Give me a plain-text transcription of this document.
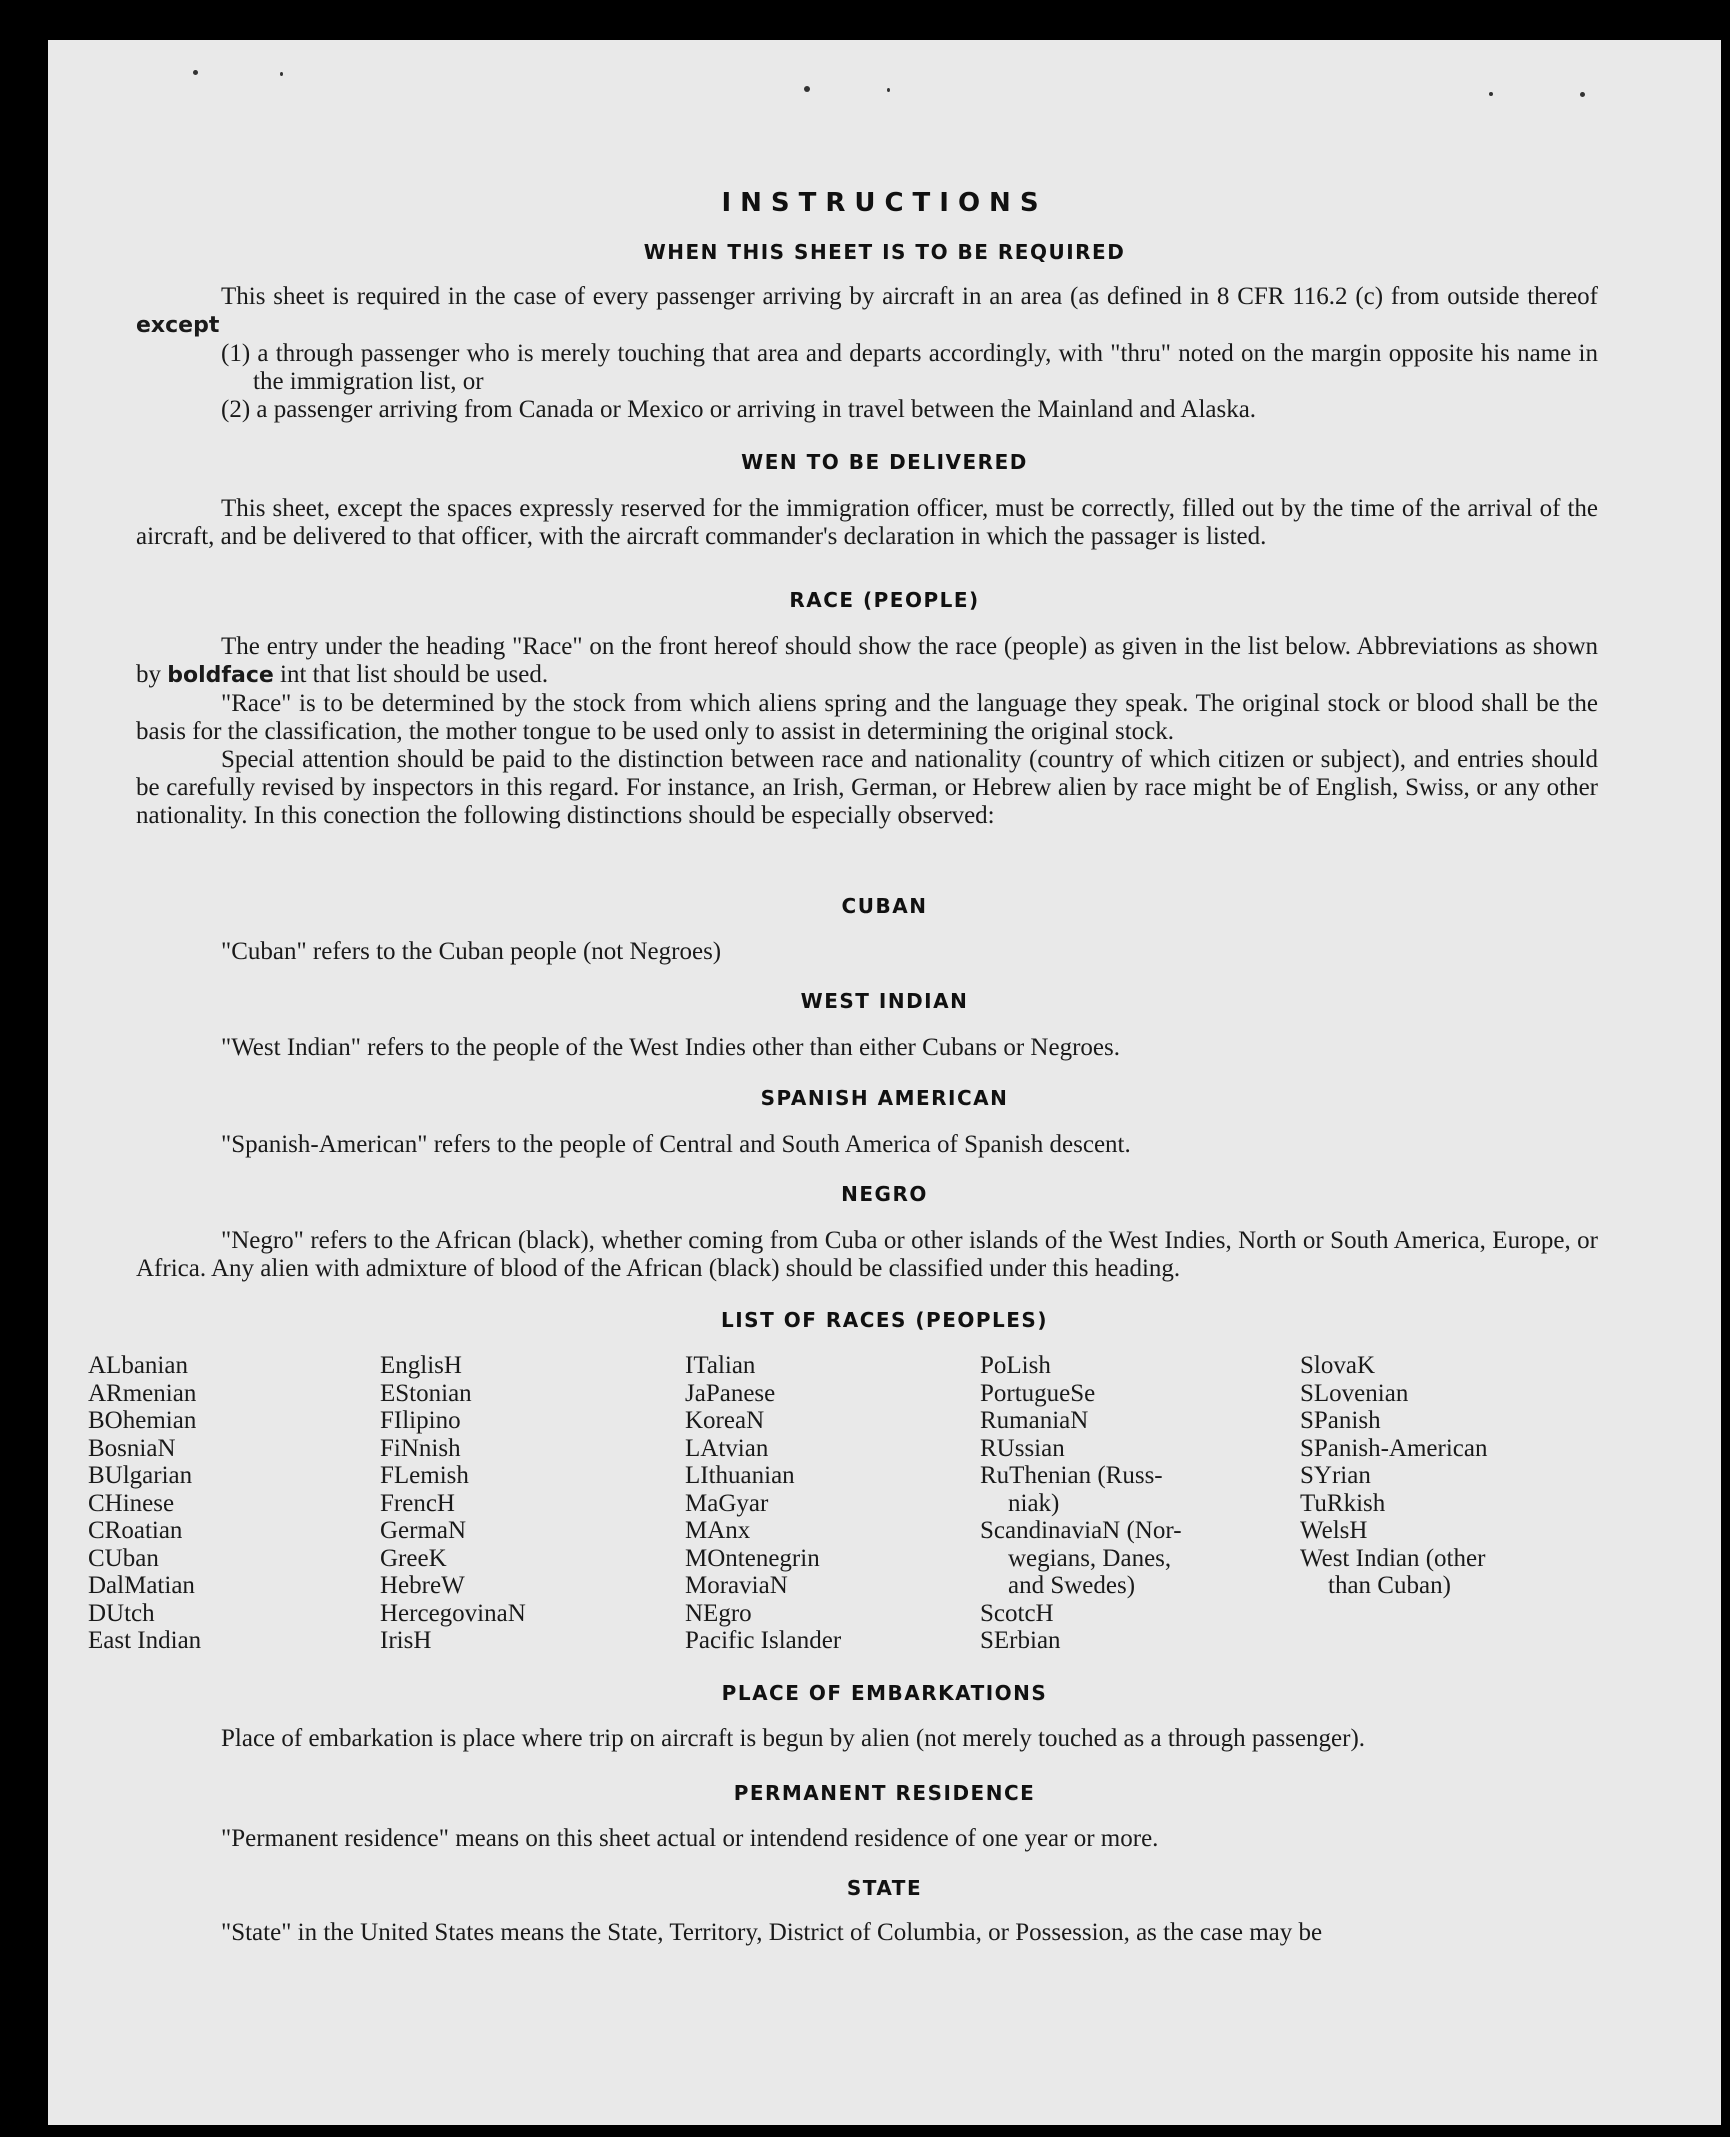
INSTRUCTIONS
WHEN THIS SHEET IS TO BE REQUIRED

This sheet is required in the case of every passenger arriving by aircraft in an area (as defined in 8 CFR 116.2 (c) from outside thereof except

(1) a through passenger who is merely touching that area and departs accordingly, with "thru" noted on the margin opposite his name in the immigration list, or

(2) a passenger arriving from Canada or Mexico or arriving in travel between the Mainland and Alaska.

WEN TO BE DELIVERED

This sheet, except the spaces expressly reserved for the immigration officer, must be correctly, filled out by the time of the arrival of the aircraft, and be delivered to that officer, with the aircraft commander's declaration in which the passager is listed.

RACE (PEOPLE)

The entry under the heading "Race" on the front hereof should show the race (people) as given in the list below. Abbreviations as shown by boldface int that list should be used.

"Race" is to be determined by the stock from which aliens spring and the language they speak. The original stock or blood shall be the basis for the classification, the mother tongue to be used only to assist in determining the original stock.

Special attention should be paid to the distinction between race and nationality (country of which citizen or subject), and entries should be carefully revised by inspectors in this regard. For instance, an Irish, German, or Hebrew alien by race might be of English, Swiss, or any other nationality. In this conection the following distinctions should be especially observed:

CUBAN

"Cuban" refers to the Cuban people (not Negroes)

WEST INDIAN

"West Indian" refers to the people of the West Indies other than either Cubans or Negroes.

SPANISH AMERICAN

"Spanish-American" refers to the people of Central and South America of Spanish descent.

NEGRO

"Negro" refers to the African (black), whether coming from Cuba or other islands of the West Indies, North or South America, Europe, or Africa. Any alien with admixture of blood of the African (black) should be classified under this heading.

LIST OF RACES (PEOPLES)
ALbanian
ARmenian
BOhemian
BosniaN
BUlgarian
CHinese
CRoatian
CUban
DalMatian
DUtch
East Indian
EnglisH
EStonian
FIlipino
FiNnish
FLemish
FrencH
GermaN
GreeK
HebreW
HercegovinaN
IrisH
ITalian
JaPanese
KoreaN
LAtvian
LIthuanian
MaGyar
MAnx
MOntenegrin
MoraviaN
NEgro
Pacific Islander
PoLish
PortugueSe
RumaniaN
RUssian
RuThenian (Russ-
niak)
ScandinaviaN (Nor-
wegians, Danes,
and Swedes)
ScotcH
SErbian
SlovaK
SLovenian
SPanish
SPanish-American
SYrian
TuRkish
WelsH
West Indian (other
than Cuban)
PLACE OF EMBARKATIONS

Place of embarkation is place where trip on aircraft is begun by alien (not merely touched as a through passenger).

PERMANENT RESIDENCE

"Permanent residence" means on this sheet actual or intendend residence of one year or more.

STATE

"State" in the United States means the State, Territory, District of Columbia, or Possession, as the case may be
